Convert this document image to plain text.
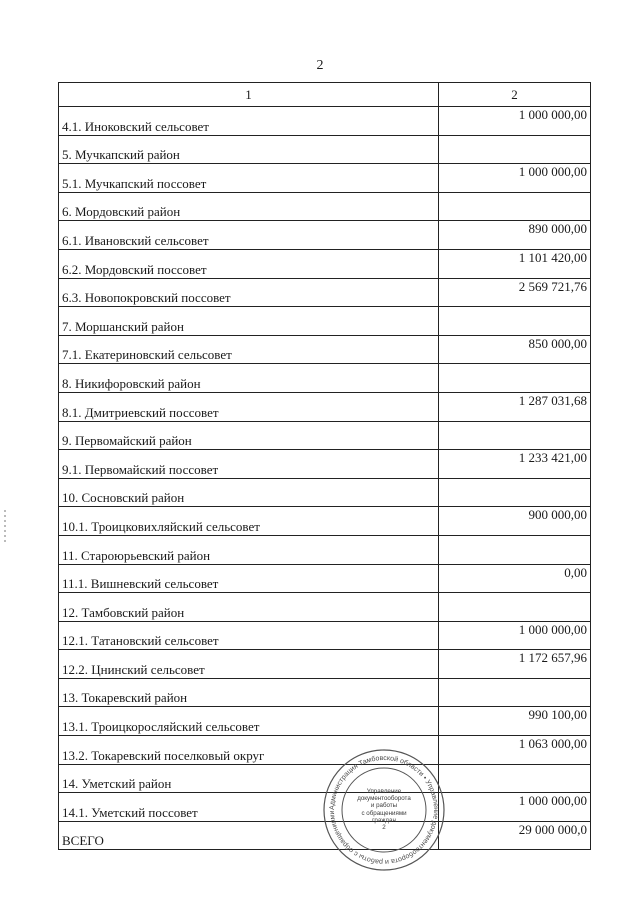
2
1	2
4.1. Иноковский сельсовет	1 000 000,00
5. Мучкапский район	
5.1. Мучкапский поссовет	1 000 000,00
6. Мордовский район	
6.1. Ивановский сельсовет	890 000,00
6.2. Мордовский поссовет	1 101 420,00
6.3. Новопокровский поссовет	2 569 721,76
7. Моршанский район	
7.1. Екатериновский сельсовет	850 000,00
8. Никифоровский район	
8.1. Дмитриевский поссовет	1 287 031,68
9. Первомайский район	
9.1. Первомайский поссовет	1 233 421,00
10. Сосновский район	
10.1. Троицковихляйский сельсовет	900 000,00
11. Староюрьевский район	
11.1. Вишневский сельсовет	0,00
12. Тамбовский район	
12.1. Татановский сельсовет	1 000 000,00
12.2. Цнинский сельсовет	1 172 657,96
13. Токаревский район	
13.1. Троицкоросляйский сельсовет	990 100,00
13.2. Токаревский поселковый округ	1 063 000,00
14. Уметский район	
14.1. Уметский поссовет	1 000 000,00
ВСЕГО	29 000 000,0
Администрация Тамбовской области • Управление документооборота и работы с обращениями
Управление
документооборота
и работы
с обращениями
граждан
2
